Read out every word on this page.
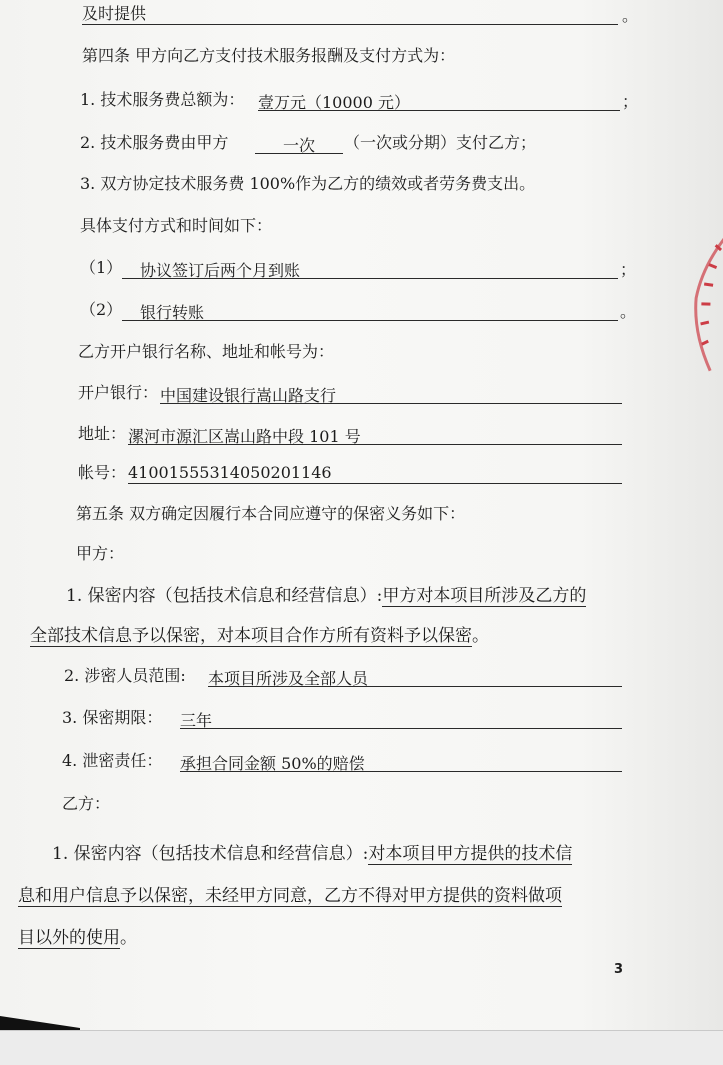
及时提供	。
第四条 甲方向乙方支付技术服务报酬及支付方式为：
1. 技术服务费总额为： 壹万元（10000 元）	；
2. 技术服务费由甲方	一次	（一次或分期）支付乙方；
3. 双方协定技术服务费 100%作为乙方的绩效或者劳务费支出。
具体支付方式和时间如下：
（1）	协议签订后两个月到账	；
（2）	银行转账	。
乙方开户银行名称、地址和帐号为：
开户银行： 中国建设银行嵩山路支行
地址： 漯河市源汇区嵩山路中段 101 号
帐号： 41001555314050201146
第五条 双方确定因履行本合同应遵守的保密义务如下：
甲方：
1. 保密内容（包括技术信息和经营信息）:甲方对本项目所涉及乙方的
全部技术信息予以保密，对本项目合作方所有资料予以保密。
2. 涉密人员范围: 本项目所涉及全部人员
3. 保密期限： 三年
4. 泄密责任： 承担合同金额 50%的赔偿
乙方：
1. 保密内容（包括技术信息和经营信息）:对本项目甲方提供的技术信
息和用户信息予以保密，未经甲方同意，乙方不得对甲方提供的资料做项
目以外的使用。
3
